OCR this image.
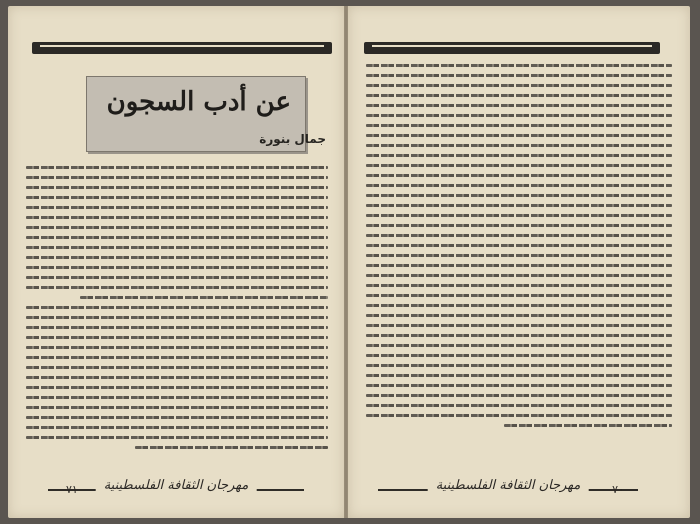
عن أدب السجون
جمال بنورة
مهرجان الثقافة الفلسطينية
٧١	مهرجان الثقافة الفلسطينية	٧٠
